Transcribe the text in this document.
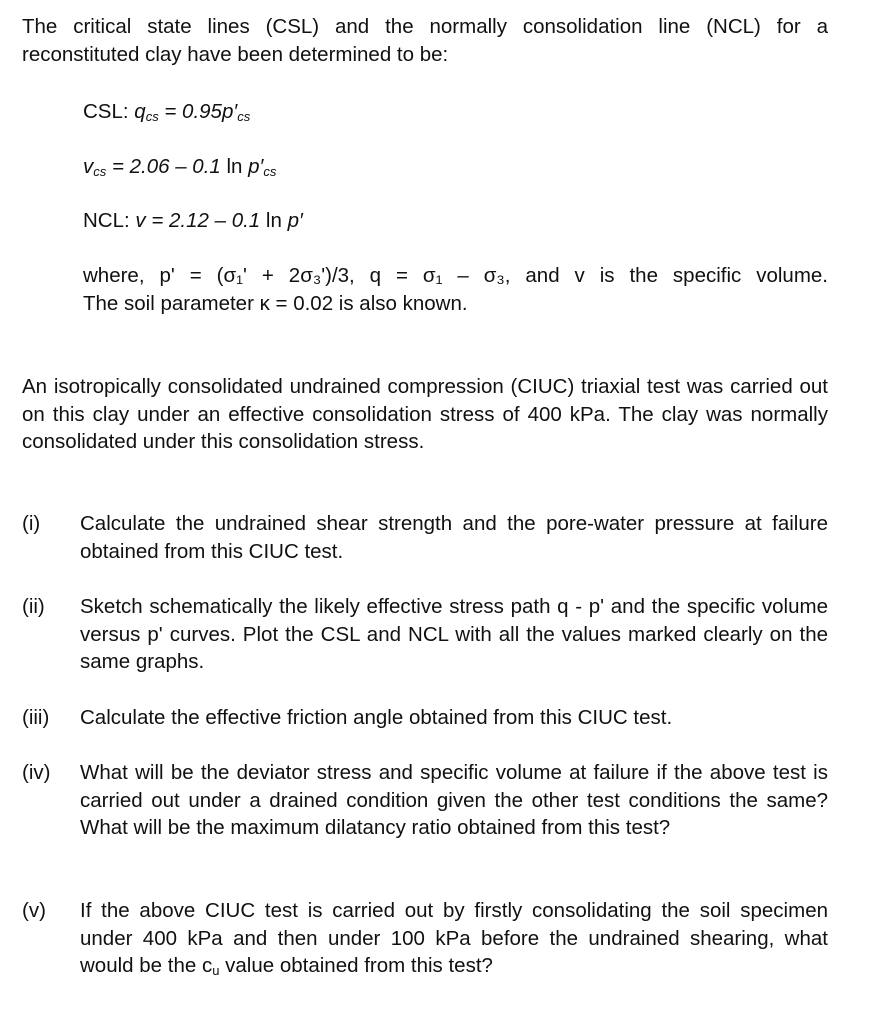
The critical state lines (CSL) and the normally consolidation line (NCL) for a reconstituted clay have been determined to be:
CSL: $q_{cs} = 0.95p'_{cs}$
$v_{cs} = 2.06 - 0.1$ $\ln p'_{cs}$
NCL: v = 2.12 – 0.1 ln p′
where, p' = (σ₁' + 2σ₃')/3, q = σ₁ – σ₃, and v is the specific volume.
The soil parameter κ = 0.02 is also known.
An isotropically consolidated undrained compression (CIUC) triaxial test was carried out on this clay under an effective consolidation stress of 400 kPa. The clay was normally consolidated under this consolidation stress.
(i)	Calculate the undrained shear strength and the pore-water pressure at failure obtained from this CIUC test.
(ii)	Sketch schematically the likely effective stress path q - p' and the specific volume versus p' curves. Plot the CSL and NCL with all the values marked clearly on the same graphs.
(iii)	Calculate the effective friction angle obtained from this CIUC test.
(iv)	What will be the deviator stress and specific volume at failure if the above test is carried out under a drained condition given the other test conditions the same? What will be the maximum dilatancy ratio obtained from this test?
(v)	If the above CIUC test is carried out by firstly consolidating the soil specimen under 400 kPa and then under 100 kPa before the undrained shearing, what would be the $c_u$ value obtained from this test?
